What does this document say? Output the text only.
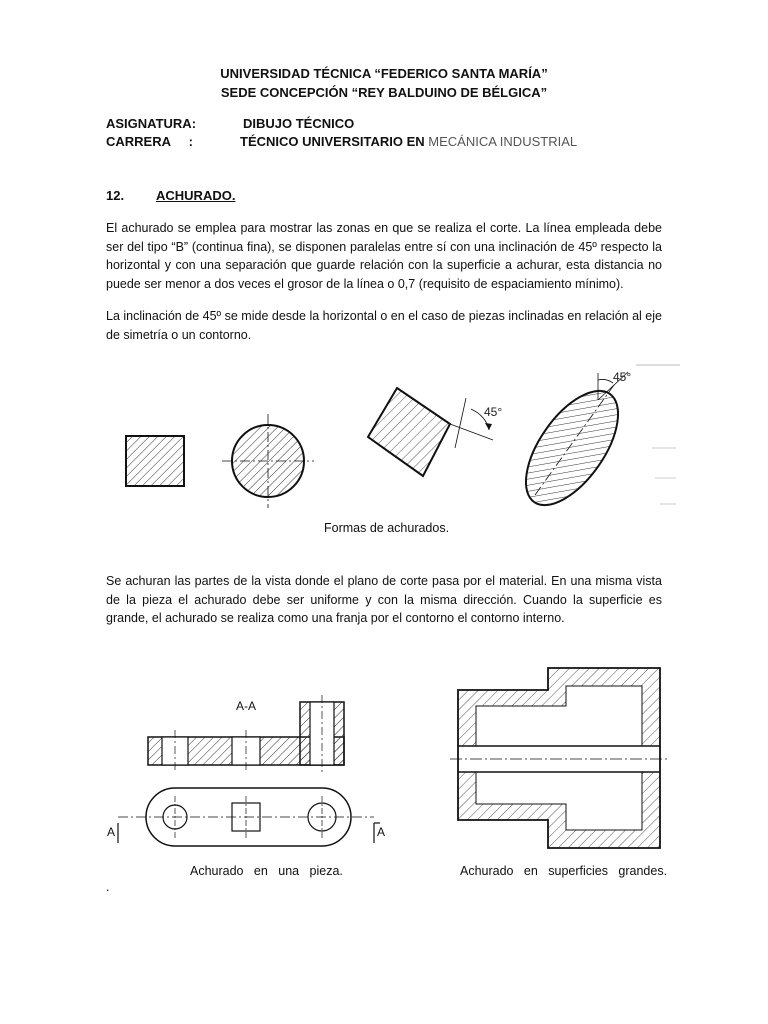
UNIVERSIDAD TÉCNICA “FEDERICO SANTA MARÍA”
SEDE CONCEPCIÓN “REY BALDUINO DE BÉLGICA”
ASIGNATURA:	DIBUJO TÉCNICO
CARRERA     :	TÉCNICO UNIVERSITARIO EN MECÁNICA INDUSTRIAL
12. ACHURADO.
El achurado se emplea para mostrar las zonas en que se realiza el corte. La línea empleada debe ser del tipo “B” (continua fina), se disponen paralelas entre sí con una inclinación de 45º respecto la horizontal y con una separación que guarde relación con la superficie a achurar, esta distancia no puede ser menor a dos veces el grosor de la línea o 0,7 (requisito de espaciamiento mínimo).
La inclinación de 45º se mide desde la horizontal o en el caso de piezas inclinadas en relación al eje de simetría o un contorno.
45°
45°
A-A
A	A
Formas de achurados.
Se achuran las partes de la vista donde el plano de corte pasa por el material. En una misma vista de la pieza el achurado debe ser uniforme y con la misma dirección. Cuando la superficie es grande, el achurado se realiza como una franja por el contorno el contorno interno.
Achurado   en   una   pieza.	Achurado   en   superficies   grandes.
.
